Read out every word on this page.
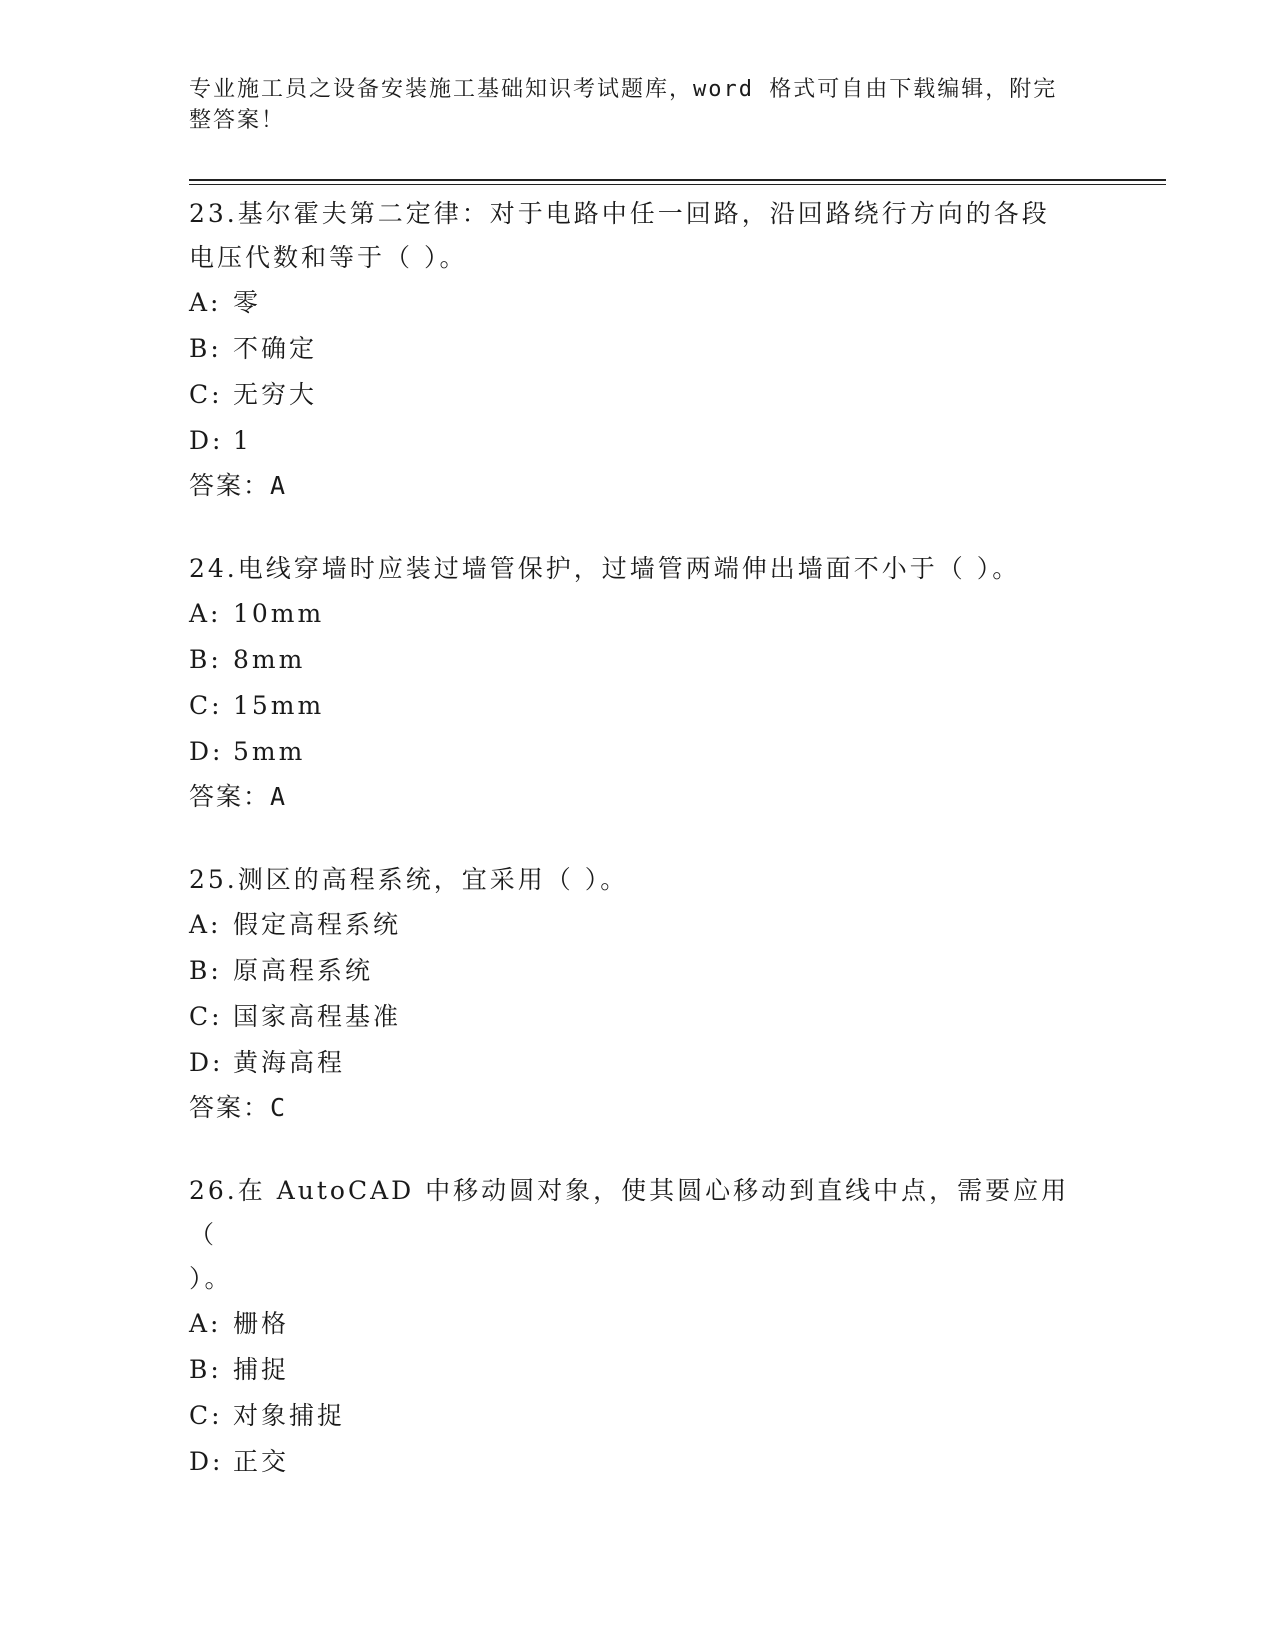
专业施工员之设备安装施工基础知识考试题库，word 格式可自由下载编辑，附完
整答案！

23.基尔霍夫第二定律：对于电路中任一回路，沿回路绕行方向的各段

电压代数和等于（ ）。

A: 零

B: 不确定

C: 无穷大

D: 1

答案：A

24.电线穿墙时应装过墙管保护，过墙管两端伸出墙面不小于（ ）。

A: 10mm

B: 8mm

C: 15mm

D: 5mm

答案：A

25.测区的高程系统，宜采用（ ）。

A: 假定高程系统

B: 原高程系统

C: 国家高程基准

D: 黄海高程

答案：C

26.在 AutoCAD 中移动圆对象，使其圆心移动到直线中点，需要应用（

）。

A: 栅格

B: 捕捉

C: 对象捕捉

D: 正交
